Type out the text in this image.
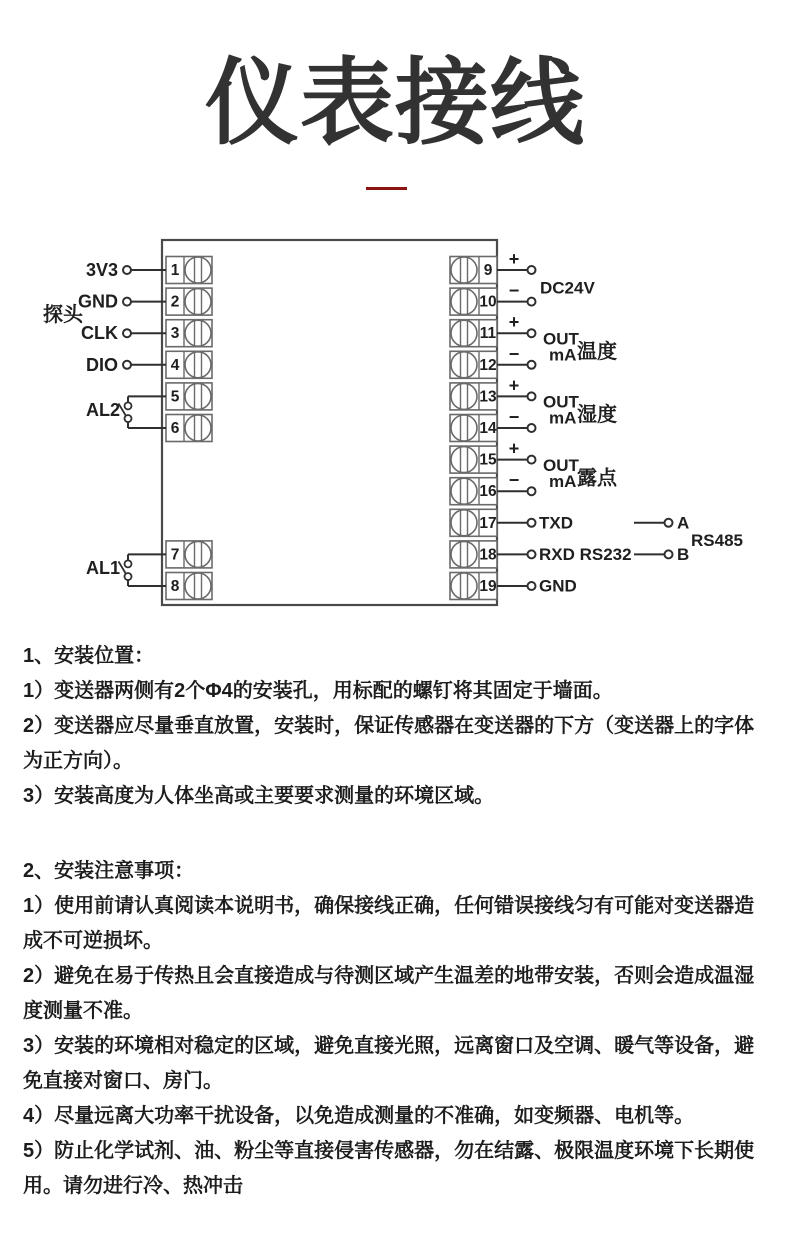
仪表接线
探头
1
3V3
2
GND
3
CLK
4
DIO
5
6
AL2
7
8
AL1
9
+
10
− DC24V
11
+
12
−
OUT
mA 温度
13
+
14
−
OUT
mA 湿度
15
+
16
−
OUT
mA 露点
17 TXD
18 RXD RS232
19 GND
A
B
RS485

1、安装位置：

1）变送器两侧有2个Φ4的安装孔，用标配的螺钉将其固定于墙面。

2）变送器应尽量垂直放置，安装时，保证传感器在变送器的下方（变送器上的字体为正方向）。

3）安装高度为人体坐高或主要要求测量的环境区域。

2、安装注意事项：

1）使用前请认真阅读本说明书，确保接线正确，任何错误接线匀有可能对变送器造成不可逆损坏。

2）避免在易于传热且会直接造成与待测区域产生温差的地带安装，否则会造成温湿度测量不准。

3）安装的环境相对稳定的区域，避免直接光照，远离窗口及空调、暖气等设备，避免直接对窗口、房门。

4）尽量远离大功率干扰设备，以免造成测量的不准确，如变频器、电机等。

5）防止化学试剂、油、粉尘等直接侵害传感器，勿在结露、极限温度环境下长期使用。请勿进行冷、热冲击
